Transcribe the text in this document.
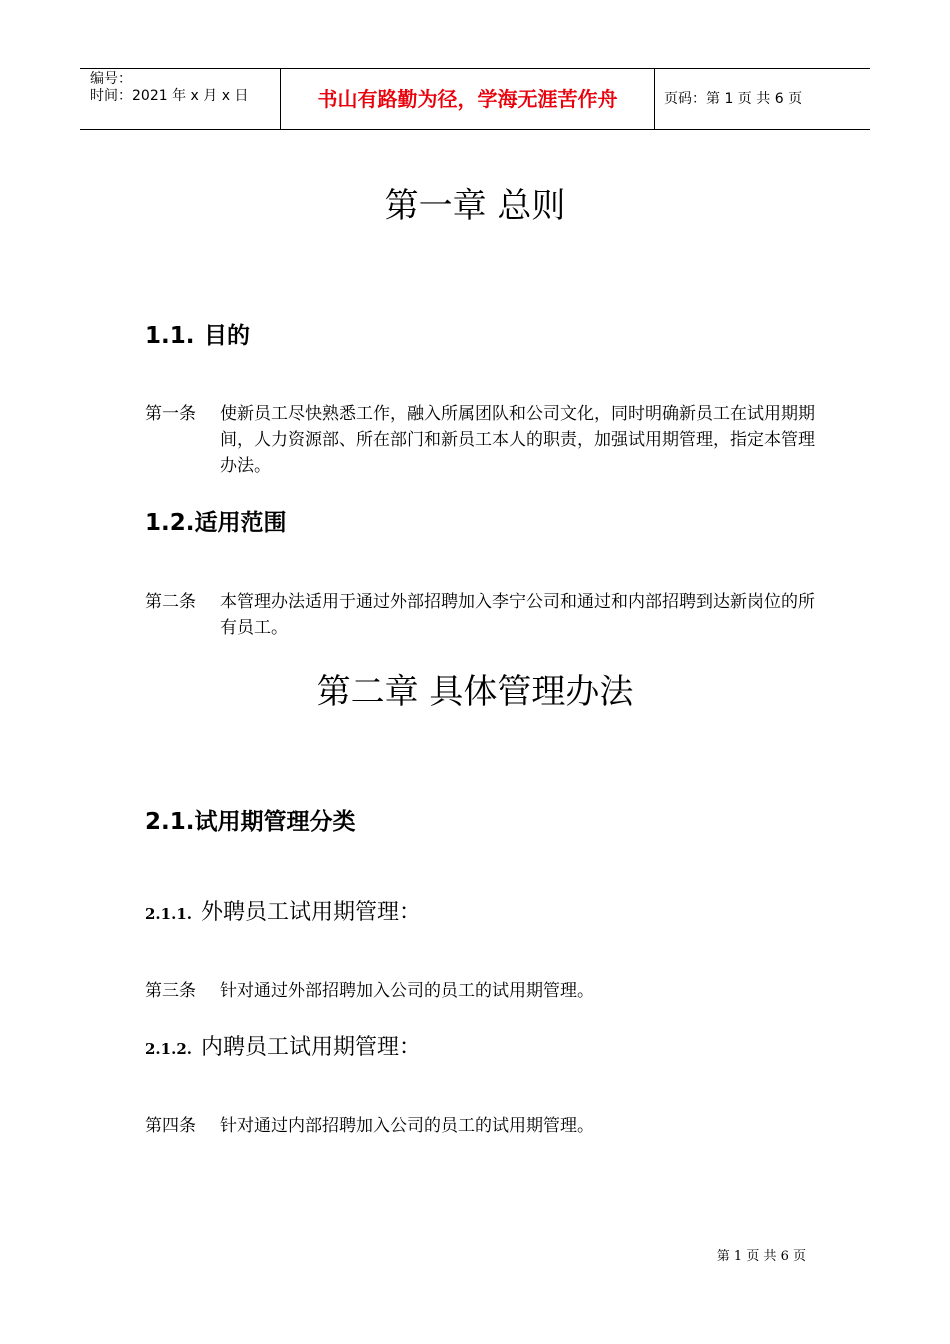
编号：
时间：2021 年 x 月 x 日	书山有路勤为径，学海无涯苦作舟	页码：第 1 页 共 6 页
第一章 总则
1.1. 目的
第一条 使新员工尽快熟悉工作，融入所属团队和公司文化，同时明确新员工在试用期期间，人力资源部、所在部门和新员工本人的职责，加强试用期管理，指定本管理办法。
1.2.适用范围
第二条 本管理办法适用于通过外部招聘加入李宁公司和通过和内部招聘到达新岗位的所有员工。
第二章 具体管理办法
2.1.试用期管理分类
2.1.1. 外聘员工试用期管理：
第三条 针对通过外部招聘加入公司的员工的试用期管理。
2.1.2. 内聘员工试用期管理：
第四条 针对通过内部招聘加入公司的员工的试用期管理。
第 1 页 共 6 页
